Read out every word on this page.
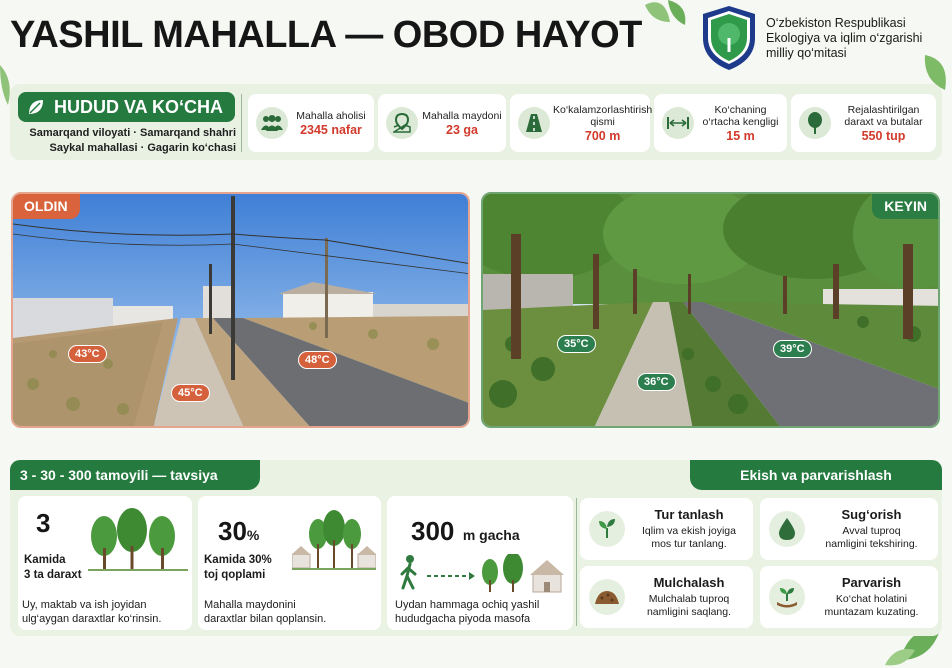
YASHIL MAHALLA — OBOD HAYOT	O‘zbekiston Respublikasi
Ekologiya va iqlim o‘zgarishi
milliy qo‘mitasi
HUDUD VA KO‘CHA
Samarqand viloyati · Samarqand shahri
Saykal mahallasi · Gagarin ko‘chasi
Mahalla aholisi
2345 nafar
Mahalla maydoni
23 ga
Ko‘kalamzorlashtirish qismi
700 m
Ko‘chaning o‘rtacha kengligi
15 m
Rejalashtirilgan daraxt va butalar
550 tup
OLDIN
43°C	48°C
45°C
KEYIN
35°C	39°C
36°C
3 - 30 - 300 tamoyili — tavsiya	Ekish va parvarishlash
3
Kamida
3 ta daraxt
Uy, maktab va ish joyidan
ulg‘aygan daraxtlar ko‘rinsin.
30%
Kamida 30%
toj qoplami
Mahalla maydonini
daraxtlar bilan qoplansin.
300 m gacha
Uydan hammaga ochiq yashil
hududgacha piyoda masofa
Tur tanlash
Iqlim va ekish joyiga
mos tur tanlang.
Sug‘orish
Avval tuproq
namligini tekshiring.
Mulchalash
Mulchalab tuproq
namligini saqlang.
Parvarish
Ko‘chat holatini
muntazam kuzating.
